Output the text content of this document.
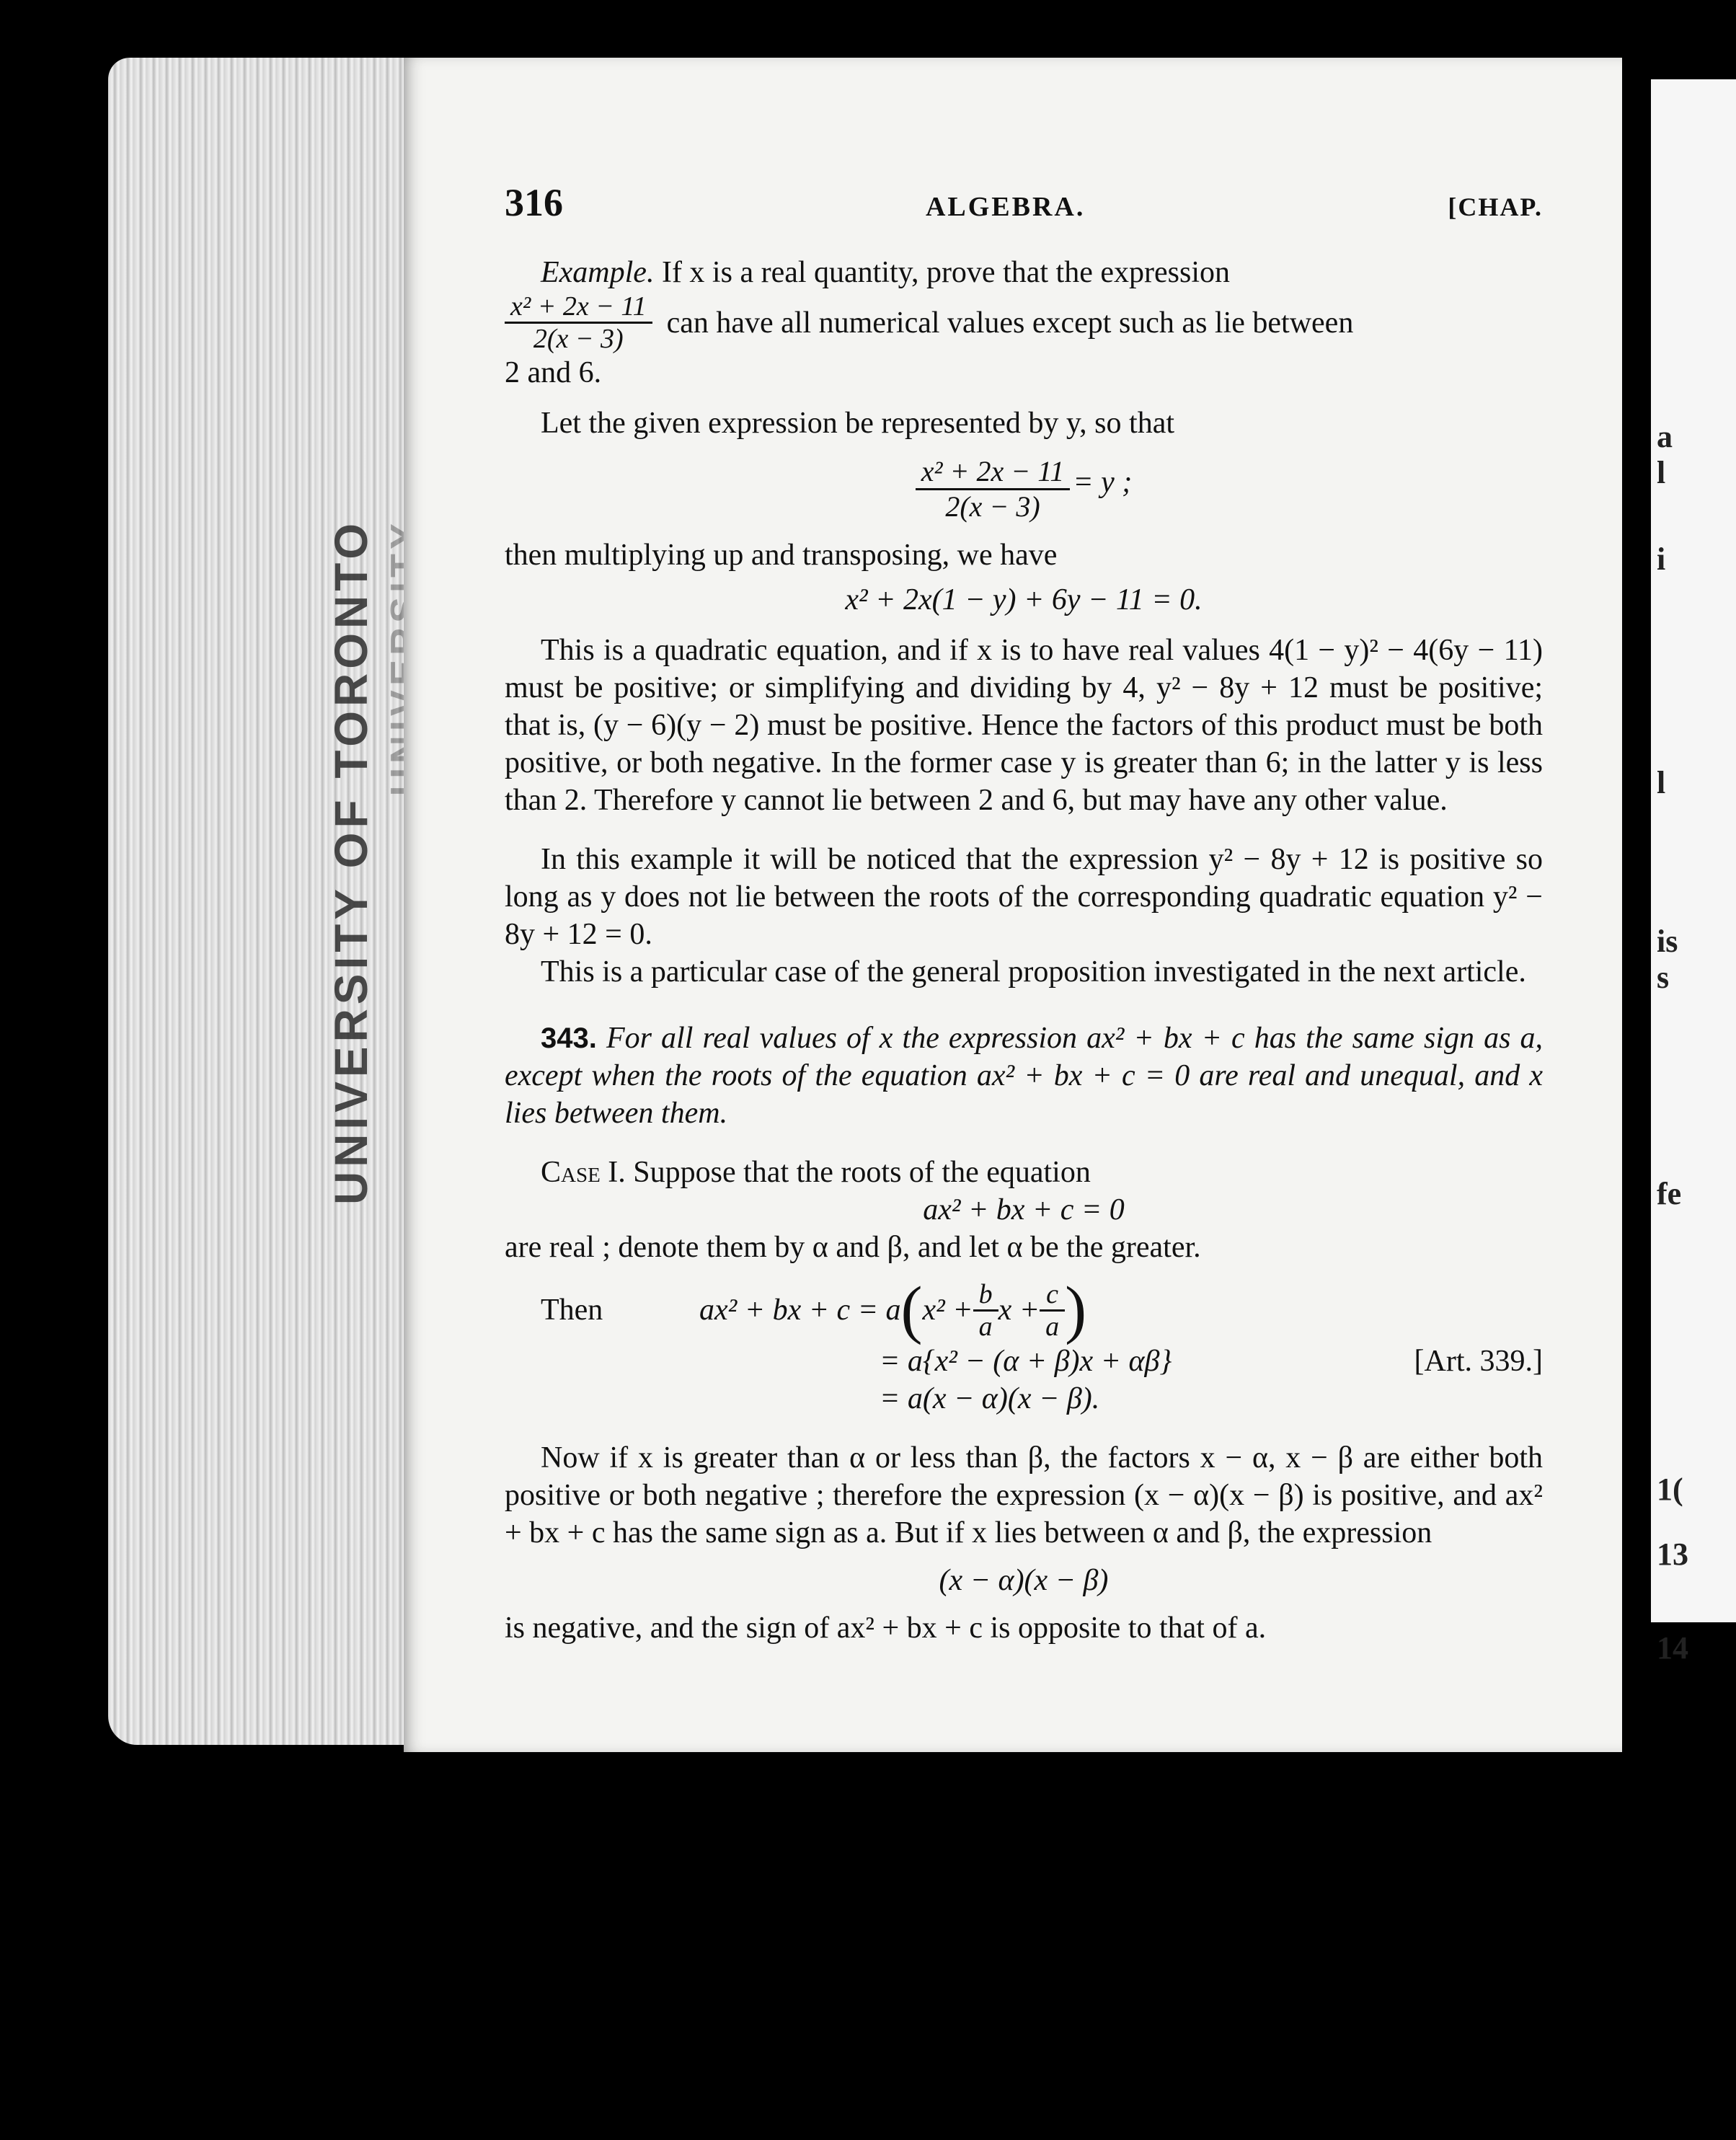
UNIVERSITY OF TORONTO
a
l
i
l
is
s
fe
1(
13
14
316	ALGEBRA.	[CHAP.

Example. If x is a real quantity, prove that the expression

$\frac{\text{x² + 2x − 11}}{2(x - 3)}$ can have all numerical values except such as lie between

2 and 6.

Let the given expression be represented by y, so that

$\frac{\text{x² + 2x − 11}}{2(x - 3)} = y$ ;

then multiplying up and transposing, we have

x² + 2x(1 − y) + 6y − 11 = 0.

This is a quadratic equation, and if x is to have real values 4(1 − y)² − 4(6y − 11) must be positive; or simplifying and dividing by 4, y² − 8y + 12 must be positive; that is, (y − 6)(y − 2) must be positive. Hence the factors of this product must be both positive, or both negative. In the former case y is greater than 6; in the latter y is less than 2. Therefore y cannot lie between 2 and 6, but may have any other value.

In this example it will be noticed that the expression y² − 8y + 12 is positive so long as y does not lie between the roots of the corresponding quadratic equation y² − 8y + 12 = 0.

This is a particular case of the general proposition investigated in the next article.

343. For all real values of x the expression ax² + bx + c has the same sign as a, except when the roots of the equation ax² + bx + c = 0 are real and unequal, and x lies between them.

Case I. Suppose that the roots of the equation

ax² + bx + c = 0

are real ; denote them by α and β, and let α be the greater.

Then	ax² + bx + c = a ( $x^2 + \frac{b}{a}$ $x + \frac{c}{a}$ )

= a{x² − (α + β)x + αβ}	[Art. 339.]

= a(x − α)(x − β).

Now if x is greater than α or less than β, the factors x − α, x − β are either both positive or both negative ; therefore the expression (x − α)(x − β) is positive, and ax² + bx + c has the same sign as a. But if x lies between α and β, the expression

(x − α)(x − β)

is negative, and the sign of ax² + bx + c is opposite to that of a.
